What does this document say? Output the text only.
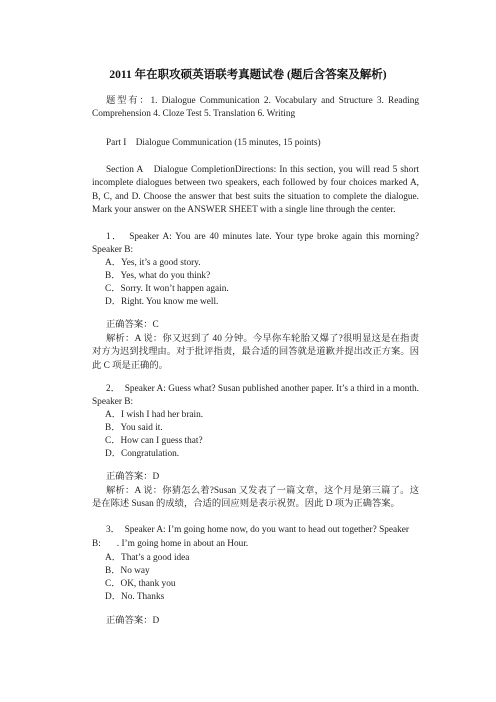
2011 年在职攻硕英语联考真题试卷 (题后含答案及解析)
题型有：1. Dialogue Communication 2. Vocabulary and Structure 3. Reading Comprehension 4. Cloze Test 5. Translation 6. Writing
Part I　Dialogue Communication (15 minutes, 15 points)
Section A　Dialogue CompletionDirections: In this section, you will read 5 short incomplete dialogues between two speakers, each followed by four choices marked A, B, C, and D. Choose the answer that best suits the situation to complete the dialogue. Mark your answer on the ANSWER SHEET with a single line through the center.
1．　Speaker A: You are 40 minutes late. Your type broke again this morning? Speaker B:
A．Yes, it’s a good story.
B．Yes, what do you think?
C．Sorry. It won’t happen again.
D．Right. You know me well.
正确答案：C
解析：A 说：你又迟到了 40 分钟。今早你车轮胎又爆了?很明显这是在指责对方为迟到找理由。对于批评指责，最合适的回答就是道歉并提出改正方案。因此 C 项是正确的。
2．　Speaker A: Guess what? Susan published another paper. It’s a third in a month. Speaker B:
A．I wish I had her brain.
B．You said it.
C．How can I guess that?
D．Congratulation.
正确答案：D
解析：A 说：你猜怎么着?Susan 又发表了一篇文章，这个月是第三篇了。这是在陈述 Susan 的成绩，合适的回应则是表示祝贺。因此 D 项为正确答案。
3．　Speaker A: I’m going home now, do you want to head out together? Speaker
B: . I’m going home in about an Hour.
A．That’s a good idea
B．No way
C．OK, thank you
D．No. Thanks
正确答案：D
